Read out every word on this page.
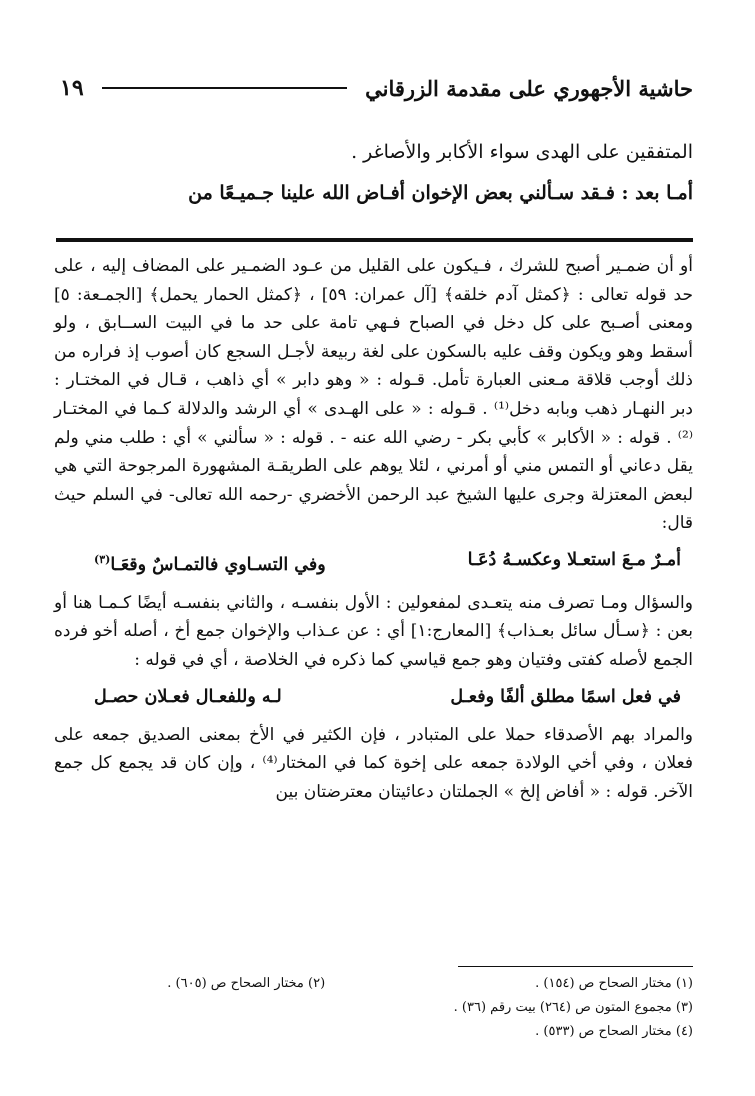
حاشية الأجهوري على مقدمة الزرقاني
١٩

المتفقين على الهدى سواء الأكابر والأصاغر .

أمـا بعد : فـقد سـألني بعض الإخوان أفـاض الله علينا جـميـعًا من

أو أن ضمـير أصبح للشرك ، فـيكون على القليل من عـود الضمـير على المضاف إليه ، على حد قوله تعالى : ﴿كمثل آدم خلقه﴾ [آل عمران: ٥٩] ، ﴿كمثل الحمار يحمل﴾ [الجمـعة: ٥] ومعنى أصـبح على كل دخل في الصباح فـهي تامة على حد ما في البيت الســابق ، ولو أسقط وهو ويكون وقف عليه بالسكون على لغة ربيعة لأجـل السجع كان أصوب إذ فراره من ذلك أوجب قلاقة مـعنى العبارة تأمل. قـوله : « وهو دابر » أي ذاهب ، قـال في المختـار : دبر النهـار ذهب وبابه دخل⁽¹⁾ . قـوله : « على الهـدى » أي الرشد والدلالة كـما في المختـار ⁽²⁾ . قوله : « الأكابر » كأبي بكر - رضي الله عنه - . قوله : « سألني » أي : طلب مني ولم يقل دعاني أو التمس مني أو أمرني ، لئلا يوهم على الطريقـة المشهورة المرجوحة التي هي لبعض المعتزلة وجرى عليها الشيخ عبد الرحمن الأخضري -رحمه الله تعالى- في السلم حيث قال:

أمـرٌ مـعَ استعـلا وعكسـهُ دُعَـا
وفي التسـاوي فالتمـاسٌ وقعَـا$^{(٣)}$

والسؤال ومـا تصرف منه يتعـدى لمفعولين : الأول بنفسـه ، والثاني بنفسـه أيضًا كـمـا هنا أو بعن : ﴿سـأل سائل بعـذاب﴾ [المعارج:١] أي : عن عـذاب والإخوان جمع أخ ، أصله أخو فرده الجمع لأصله كفتى وفتيان وهو جمع قياسي كما ذكره في الخلاصة ، أي في قوله :

في فعل اسمًا مطلق ألفًا وفعـل
لـه وللفعـال فعـلان حصـل

والمراد بهم الأصدقاء حملا على المتبادر ، فإن الكثير في الأخ بمعنى الصديق جمعه على فعلان ، وفي أخي الولادة جمعه على إخوة كما في المختار⁽⁴⁾ ، وإن كان قد يجمع كل جمع الآخر. قوله : « أفاض إلخ » الجملتان دعائيتان معترضتان بين

(١) مختار الصحاح ص (١٥٤) .
(٢) مختار الصحاح ص (٦٠٥) .
(٣) مجموع المتون ص (٢٦٤) بيت رقم (٣٦) .
(٤) مختار الصحاح ص (٥٣٣) .
